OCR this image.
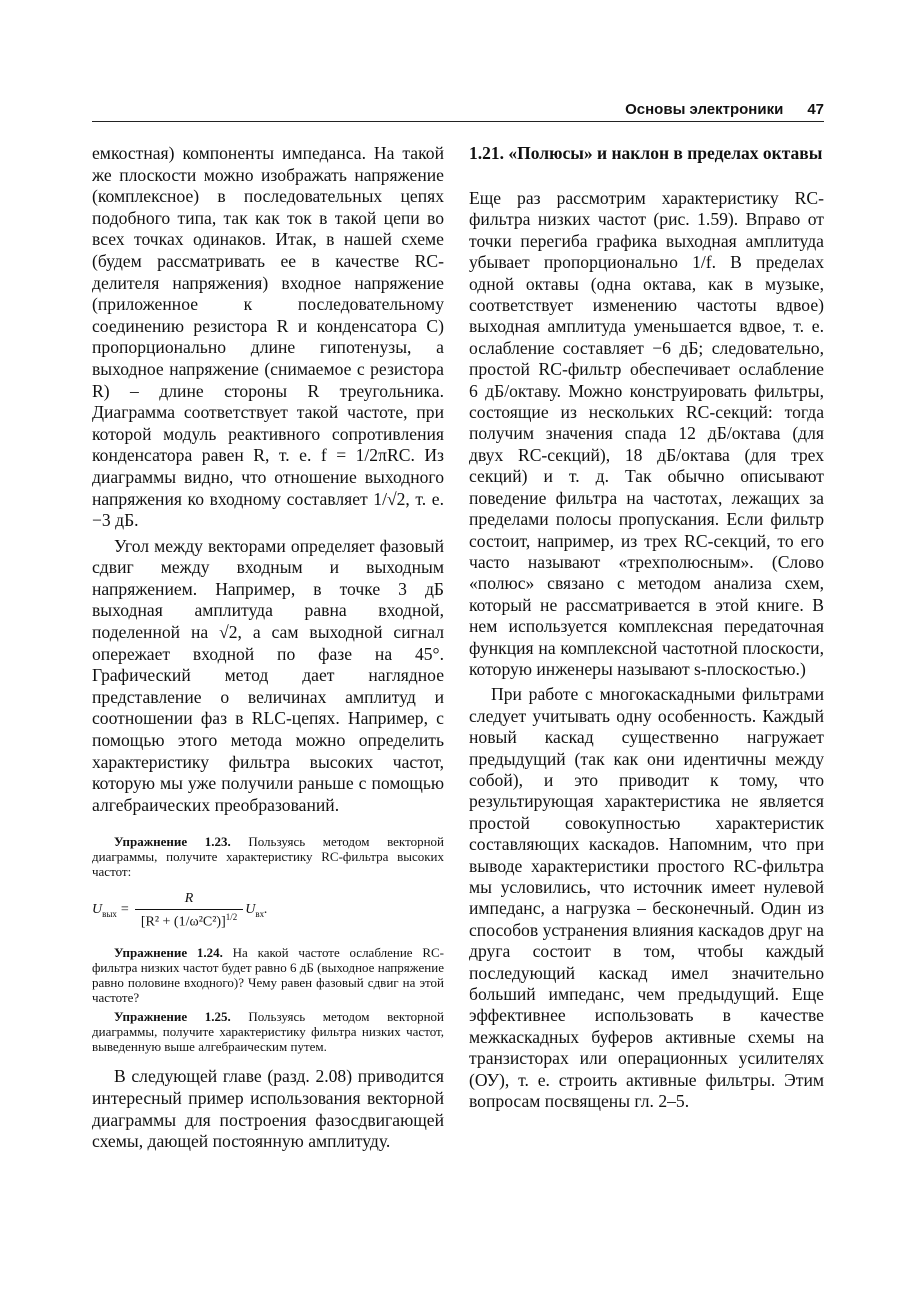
Основы электроники 47

емкостная) компоненты импеданса. На такой же плоскости можно изображать напряжение (комплексное) в последовательных цепях подобного типа, так как ток в такой цепи во всех точках одинаков. Итак, в нашей схеме (будем рассматривать ее в качестве RC-делителя напряжения) входное напряжение (приложенное к последовательному соединению резистора R и конденсатора C) пропорционально длине гипотенузы, а выходное напряжение (снимаемое с резистора R) – длине стороны R треугольника. Диаграмма соответствует такой частоте, при которой модуль реактивного сопротивления конденсатора равен R, т. е. f = 1/2πRC. Из диаграммы видно, что отношение выходного напряжения ко входному составляет 1/√2, т. е. −3 дБ.

Угол между векторами определяет фазовый сдвиг между входным и выходным напряжением. Например, в точке 3 дБ выходная амплитуда равна входной, поделенной на √2, а сам выходной сигнал опережает входной по фазе на 45°. Графический метод дает наглядное представление о величинах амплитуд и соотношении фаз в RLC-цепях. Например, с помощью этого метода можно определить характеристику фильтра высоких частот, которую мы уже получили раньше с помощью алгебраических преобразований.

Упражнение 1.23. Пользуясь методом векторной диаграммы, получите характеристику RC-фильтра высоких частот:

$U_{вых} = \frac{R}{[R^2 + (1/\omega^2C^2)]^{1/2}} U_{вх}$.

Упражнение 1.24. На какой частоте ослабление RC-фильтра низких частот будет равно 6 дБ (выходное напряжение равно половине входного)? Чему равен фазовый сдвиг на этой частоте?

Упражнение 1.25. Пользуясь методом векторной диаграммы, получите характеристику фильтра низких частот, выведенную выше алгебраическим путем.

В следующей главе (разд. 2.08) приводится интересный пример использования векторной диаграммы для построения фазосдвигающей схемы, дающей постоянную амплитуду.

1.21. «Полюсы» и наклон в пределах октавы

Еще раз рассмотрим характеристику RC-фильтра низких частот (рис. 1.59). Вправо от точки перегиба графика выходная амплитуда убывает пропорционально 1/f. В пределах одной октавы (одна октава, как в музыке, соответствует изменению частоты вдвое) выходная амплитуда уменьшается вдвое, т. е. ослабление составляет −6 дБ; следовательно, простой RC-фильтр обеспечивает ослабление 6 дБ/октаву. Можно конструировать фильтры, состоящие из нескольких RC-секций: тогда получим значения спада 12 дБ/октава (для двух RC-секций), 18 дБ/октава (для трех секций) и т. д. Так обычно описывают поведение фильтра на частотах, лежащих за пределами полосы пропускания. Если фильтр состоит, например, из трех RC-секций, то его часто называют «трехполюсным». (Слово «полюс» связано с методом анализа схем, который не рассматривается в этой книге. В нем используется комплексная передаточная функция на комплексной частотной плоскости, которую инженеры называют s-плоскостью.)

При работе с многокаскадными фильтрами следует учитывать одну особенность. Каждый новый каскад существенно нагружает предыдущий (так как они идентичны между собой), и это приводит к тому, что результирующая характеристика не является простой совокупностью характеристик составляющих каскадов. Напомним, что при выводе характеристики простого RC-фильтра мы условились, что источник имеет нулевой импеданс, а нагрузка – бесконечный. Один из способов устранения влияния каскадов друг на друга состоит в том, чтобы каждый последующий каскад имел значительно больший импеданс, чем предыдущий. Еще эффективнее использовать в качестве межкаскадных буферов активные схемы на транзисторах или операционных усилителях (ОУ), т. е. строить активные фильтры. Этим вопросам посвящены гл. 2–5.
